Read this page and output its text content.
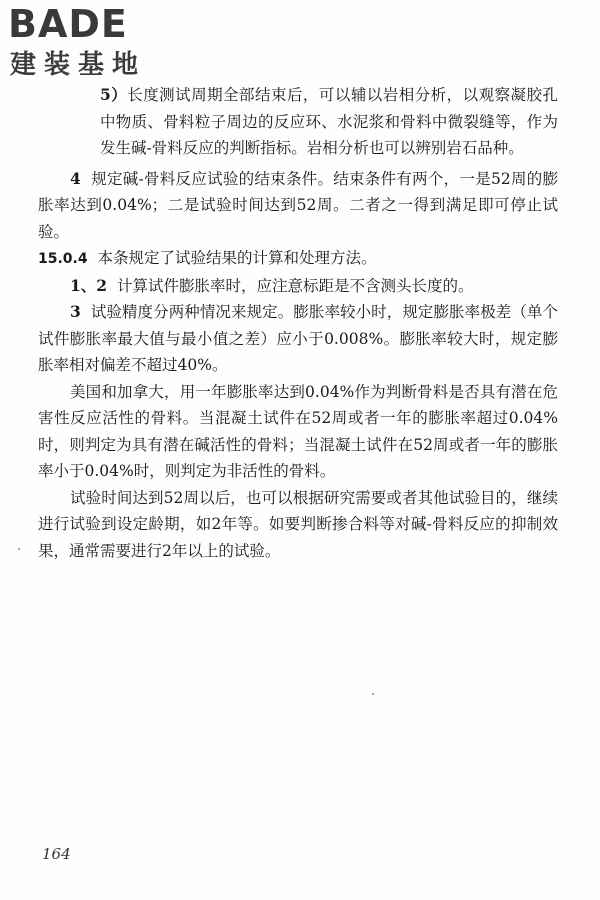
BADE
建装基地

5）长度测试周期全部结束后，可以辅以岩相分析，以观察凝胶孔中物质、骨料粒子周边的反应环、水泥浆和骨料中微裂缝等，作为发生碱-骨料反应的判断指标。岩相分析也可以辨别岩石品种。

4 规定碱-骨料反应试验的结束条件。结束条件有两个，一是52周的膨胀率达到0.04%；二是试验时间达到52周。二者之一得到满足即可停止试验。

15.0.4 本条规定了试验结果的计算和处理方法。

1、2 计算试件膨胀率时，应注意标距是不含测头长度的。

3 试验精度分两种情况来规定。膨胀率较小时，规定膨胀率极差（单个试件膨胀率最大值与最小值之差）应小于0.008%。膨胀率较大时，规定膨胀率相对偏差不超过40%。

美国和加拿大，用一年膨胀率达到0.04%作为判断骨料是否具有潜在危害性反应活性的骨料。当混凝土试件在52周或者一年的膨胀率超过0.04%时，则判定为具有潜在碱活性的骨料；当混凝土试件在52周或者一年的膨胀率小于0.04%时，则判定为非活性的骨料。

试验时间达到52周以后，也可以根据研究需要或者其他试验目的，继续进行试验到设定龄期，如2年等。如要判断掺合料等对碱-骨料反应的抑制效果，通常需要进行2年以上的试验。

164
